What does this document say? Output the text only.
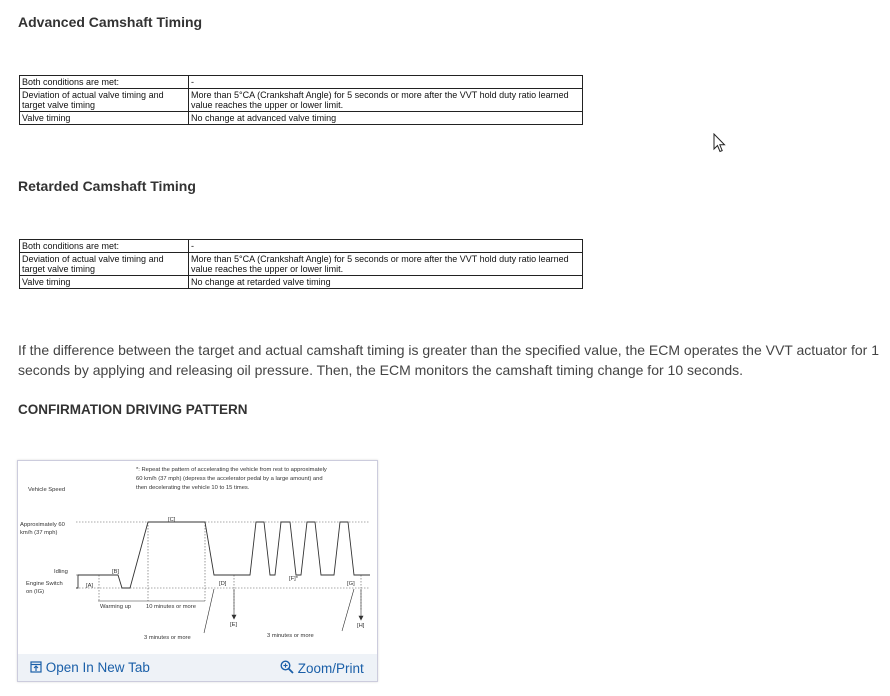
Advanced Camshaft Timing
Both conditions are met:	-
Deviation of actual valve timing and target valve timing	More than 5°CA (Crankshaft Angle) for 5 seconds or more after the VVT hold duty ratio learned value reaches the upper or lower limit.
Valve timing	No change at advanced valve timing
Retarded Camshaft Timing
Both conditions are met:	-
Deviation of actual valve timing and target valve timing	More than 5°CA (Crankshaft Angle) for 5 seconds or more after the VVT hold duty ratio learned value reaches the upper or lower limit.
Valve timing	No change at retarded valve timing
If the difference between the target and actual camshaft timing is greater than the specified value, the ECM operates the VVT actuator for 1
seconds by applying and releasing oil pressure. Then, the ECM monitors the camshaft timing change for 10 seconds.
CONFIRMATION DRIVING PATTERN
*: Repeat the pattern of accelerating the vehicle from rest to approximately
60 km/h (37 mph) (depress the accelerator pedal by a large amount) and
then decelerating the vehicle 10 to 15 times.
Vehicle Speed
Approximately 60
km/h (37 mph)
Idling
Engine Switch
on (IG)
[A]
[B]
[C]
[D]
[E]
[F]*
[G]
[H]
Warming up	10 minutes or more
3 minutes or more	3 minutes or more
Open In New Tab	Zoom/Print
